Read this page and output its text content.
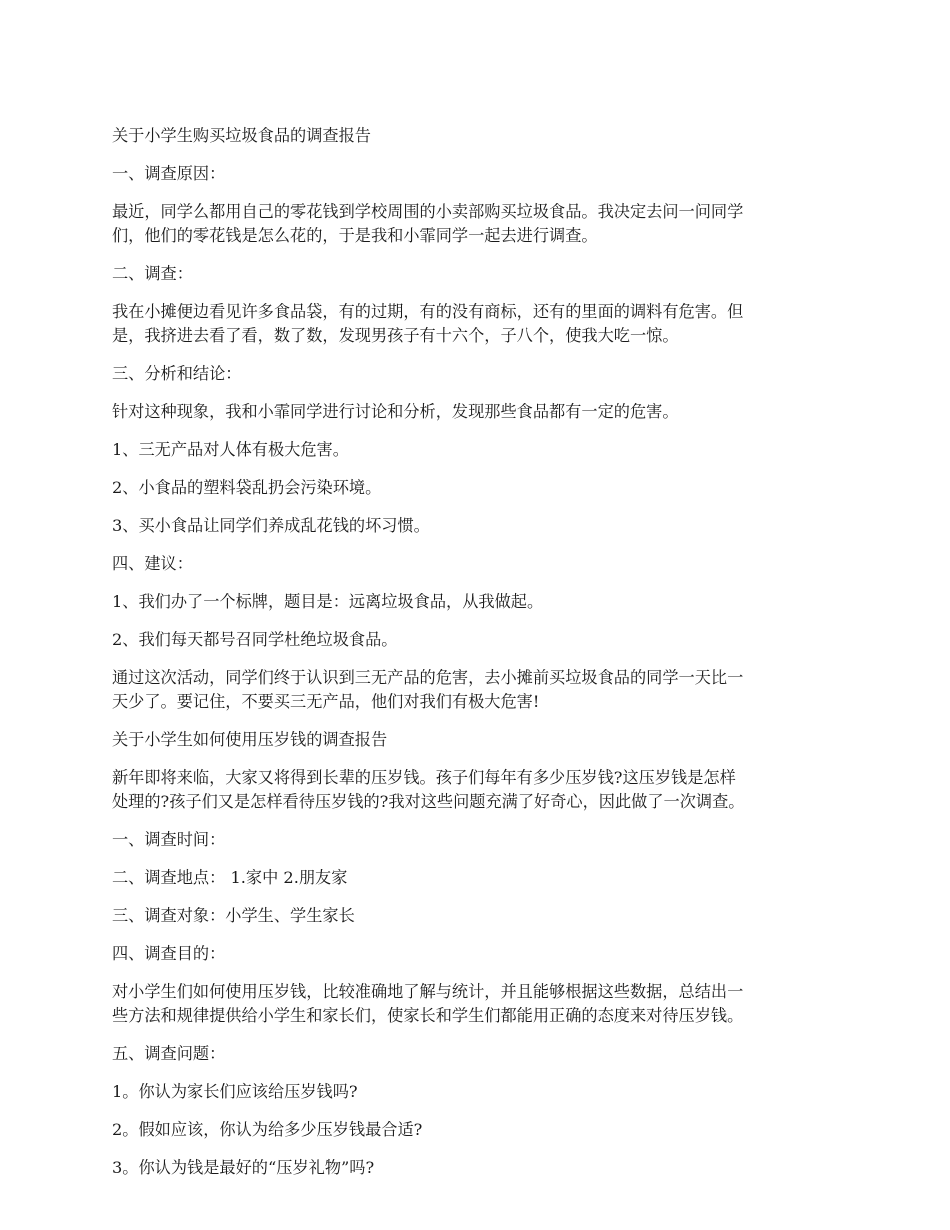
关于小学生购买垃圾食品的调查报告

一、调查原因：

最近，同学么都用自己的零花钱到学校周围的小卖部购买垃圾食品。我决定去问一问同学

们，他们的零花钱是怎么花的，于是我和小霏同学一起去进行调查。

二、调查：

我在小摊便边看见许多食品袋，有的过期，有的没有商标，还有的里面的调料有危害。但

是，我挤进去看了看，数了数，发现男孩子有十六个，子八个，使我大吃一惊。

三、分析和结论：

针对这种现象，我和小霏同学进行讨论和分析，发现那些食品都有一定的危害。

1、三无产品对人体有极大危害。

2、小食品的塑料袋乱扔会污染环境。

3、买小食品让同学们养成乱花钱的坏习惯。

四、建议：

1、我们办了一个标牌，题目是：远离垃圾食品，从我做起。

2、我们每天都号召同学杜绝垃圾食品。

通过这次活动，同学们终于认识到三无产品的危害，去小摊前买垃圾食品的同学一天比一

天少了。要记住，不要买三无产品，他们对我们有极大危害!

关于小学生如何使用压岁钱的调查报告

新年即将来临，大家又将得到长辈的压岁钱。孩子们每年有多少压岁钱?这压岁钱是怎样

处理的?孩子们又是怎样看待压岁钱的?我对这些问题充满了好奇心，因此做了一次调查。

一、调查时间：

二、调查地点： 1.家中 2.朋友家

三、调查对象：小学生、学生家长

四、调查目的：

对小学生们如何使用压岁钱，比较准确地了解与统计，并且能够根据这些数据，总结出一

些方法和规律提供给小学生和家长们，使家长和学生们都能用正确的态度来对待压岁钱。

五、调查问题：

1。你认为家长们应该给压岁钱吗?

2。假如应该，你认为给多少压岁钱最合适?

3。你认为钱是最好的“压岁礼物”吗?
